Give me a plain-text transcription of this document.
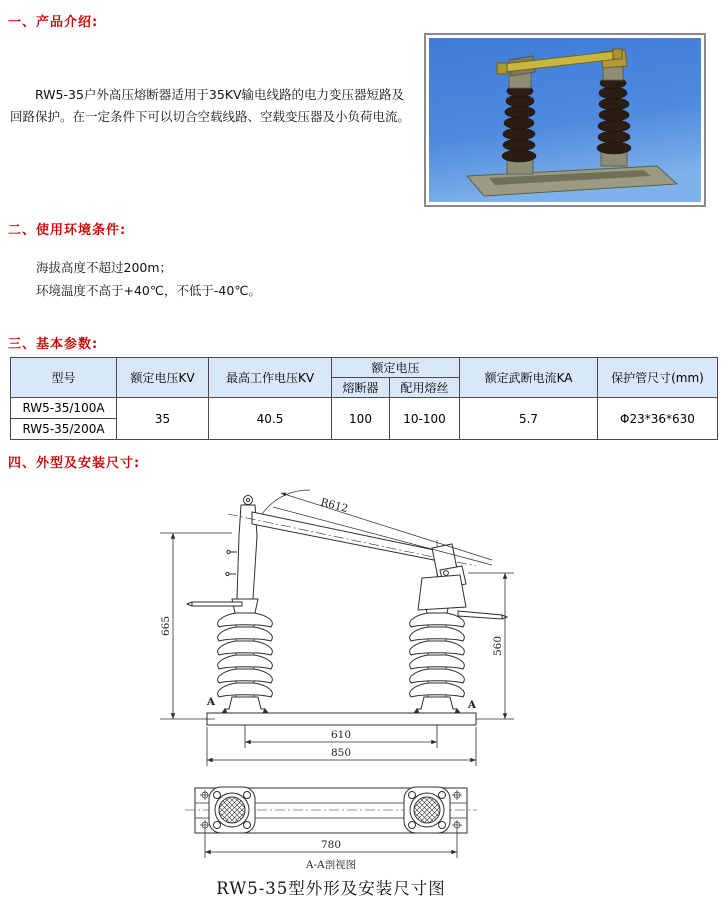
一、产品介绍:
RW5-35户外高压熔断器适用于35KV输电线路的电力变压器短路及回路保护。在一定条件下可以切合空载线路、空载变压器及小负荷电流。
二、使用环境条件:
海拔高度不超过200m；
环境温度不高于+40℃，不低于-40℃。
三、基本参数:
型号	额定电压KV	最高工作电压KV	额定电压		额定武断电流KA	保护管尺寸(mm)
			熔断器	配用熔丝		
RW5-35/100A	35	40.5	100	10-100	5.7	Φ23*36*630
RW5-35/200A						
四、外型及安装尺寸:
R612
665
560
610
850
780
A	A
A-A剖视图
RW5-35型外形及安装尺寸图
